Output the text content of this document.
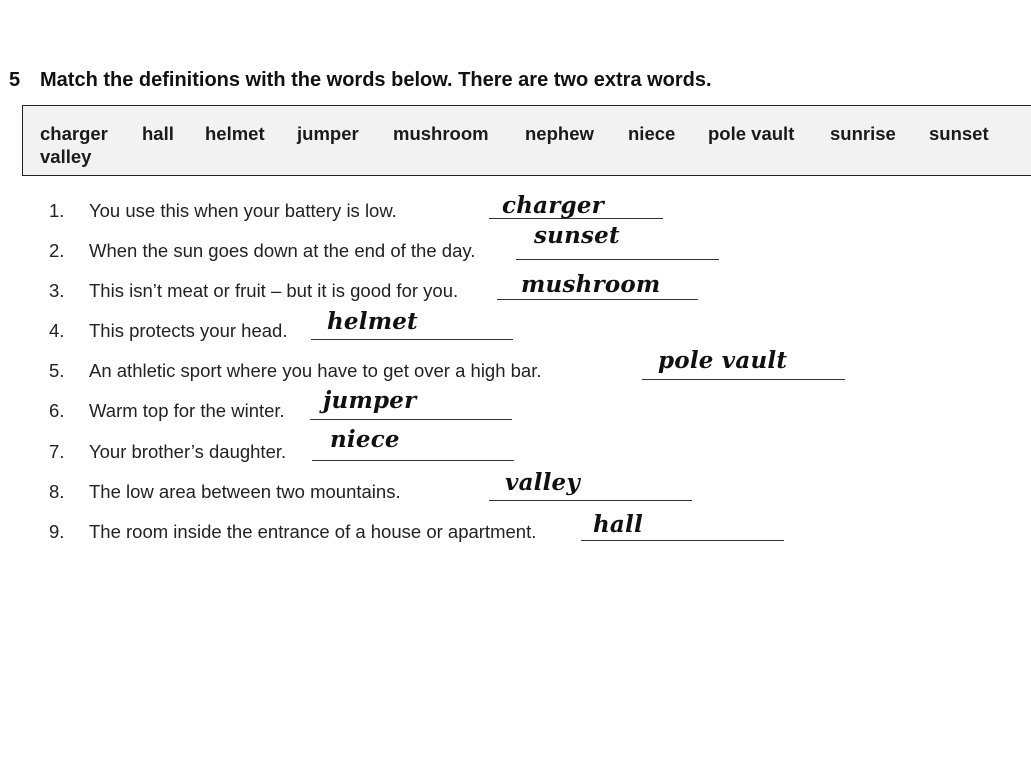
5 Match the definitions with the words below. There are two extra words.
charger hall helmet jumper mushroom nephew niece pole vault sunrise sunset
valley
1. You use this when your battery is low.	charger
2. When the sun goes down at the end of the day.
sunset
3. This isn’t meat or fruit – but it is good for you.	mushroom
4. This protects your head. helmet
5. An athletic sport where you have to get over a high bar.	pole vault
6. Warm top for the winter. jumper
7. Your brother’s daughter. niece
8. The low area between two mountains.	valley
9. The room inside the entrance of a house or apartment. hall
